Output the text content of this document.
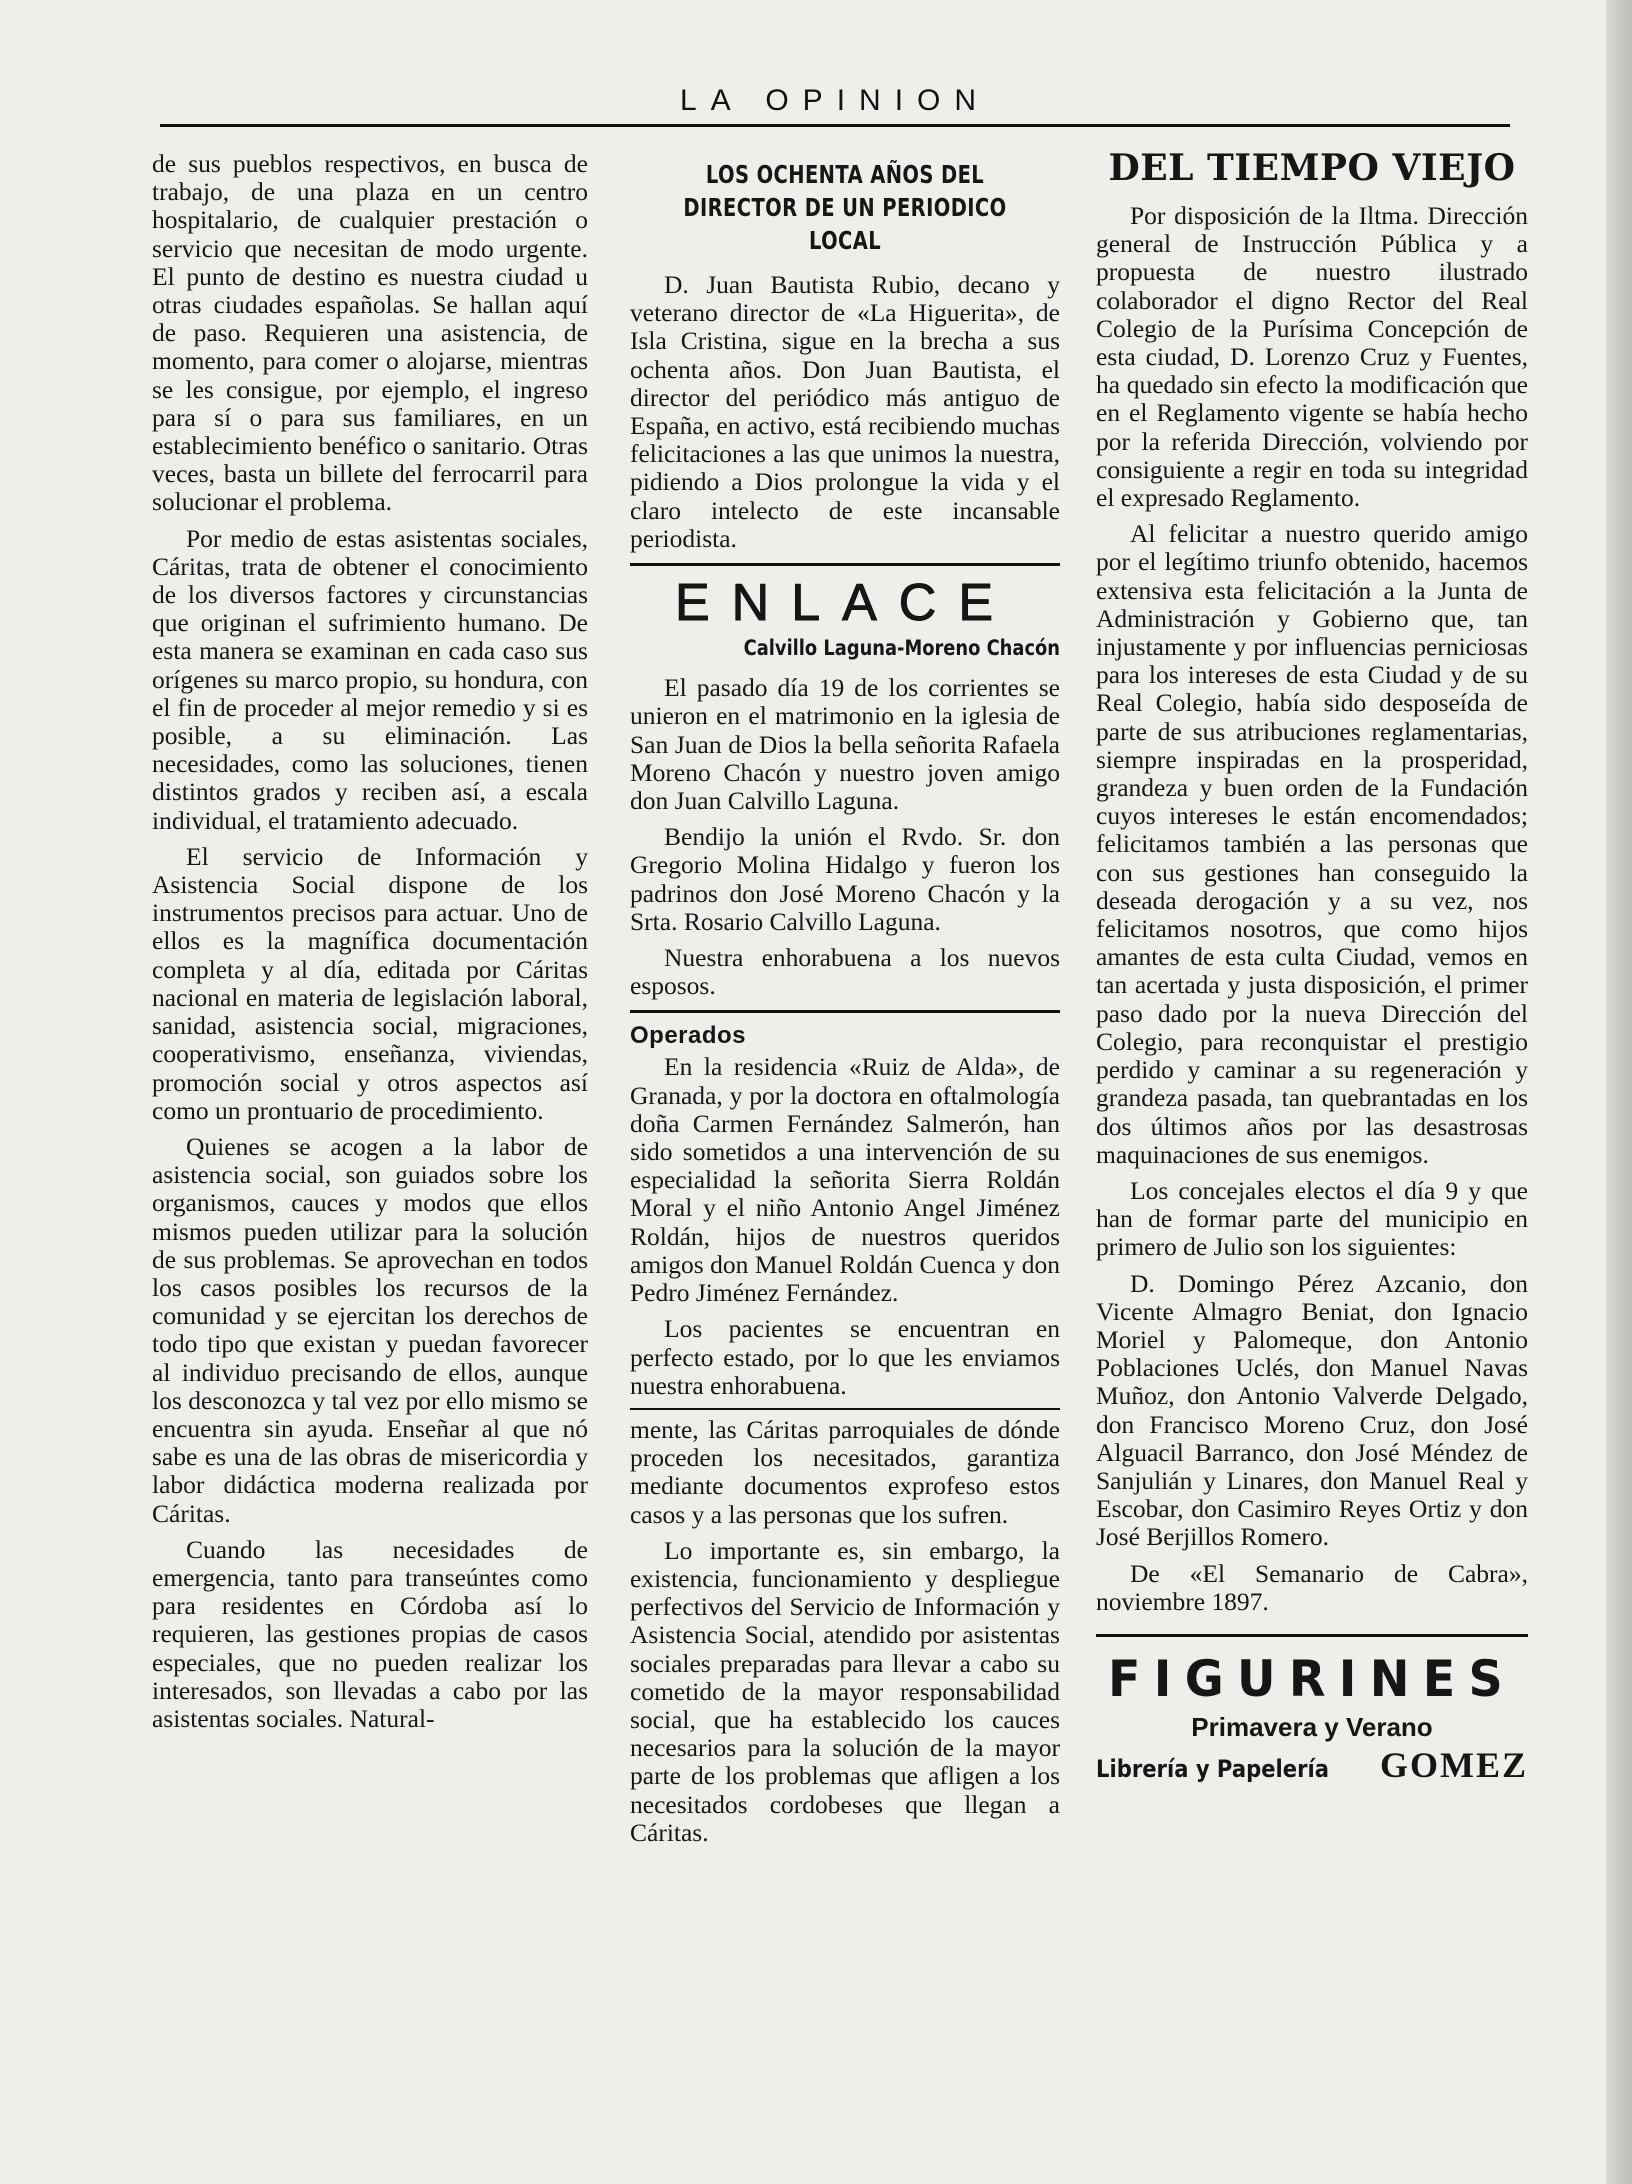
LA OPINION

de sus pueblos respectivos, en busca de trabajo, de una plaza en un centro hospitalario, de cualquier prestación o servicio que necesitan de modo urgente. El punto de destino es nuestra ciudad u otras ciudades españolas. Se hallan aquí de paso. Requieren una asistencia, de momento, para comer o alojarse, mientras se les consigue, por ejemplo, el ingreso para sí o para sus familiares, en un establecimiento benéfico o sanitario. Otras veces, basta un billete del ferrocarril para solucionar el problema.

Por medio de estas asistentas sociales, Cáritas, trata de obtener el conocimiento de los diversos factores y circunstancias que originan el sufrimiento humano. De esta manera se examinan en cada caso sus orígenes su marco propio, su hondura, con el fin de proceder al mejor remedio y si es posible, a su eliminación. Las necesidades, como las soluciones, tienen distintos grados y reciben así, a escala individual, el tratamiento adecuado.

El servicio de Información y Asistencia Social dispone de los instrumentos precisos para actuar. Uno de ellos es la magnífica documentación completa y al día, editada por Cáritas nacional en materia de legislación laboral, sanidad, asistencia social, migraciones, cooperativismo, enseñanza, viviendas, promoción social y otros aspectos así como un prontuario de procedimiento.

Quienes se acogen a la labor de asistencia social, son guiados sobre los organismos, cauces y modos que ellos mismos pueden utilizar para la solución de sus problemas. Se aprovechan en todos los casos posibles los recursos de la comunidad y se ejercitan los derechos de todo tipo que existan y puedan favorecer al individuo precisando de ellos, aunque los desconozca y tal vez por ello mismo se encuentra sin ayuda. Enseñar al que nó sabe es una de las obras de misericordia y labor didáctica moderna realizada por Cáritas.

Cuando las necesidades de emergencia, tanto para transeúntes como para residentes en Córdoba así lo requieren, las gestiones propias de casos especiales, que no pueden realizar los interesados, son llevadas a cabo por las asistentas sociales. Natural-

LOS OCHENTA AÑOS DEL DIRECTOR DE UN PERIODICO LOCAL

D. Juan Bautista Rubio, decano y veterano director de «La Higuerita», de Isla Cristina, sigue en la brecha a sus ochenta años. Don Juan Bautista, el director del periódico más antiguo de España, en activo, está recibiendo muchas felicitaciones a las que unimos la nuestra, pidiendo a Dios prolongue la vida y el claro intelecto de este incansable periodista.

ENLACE
Calvillo Laguna-Moreno Chacón

El pasado día 19 de los corrientes se unieron en el matrimonio en la iglesia de San Juan de Dios la bella señorita Rafaela Moreno Chacón y nuestro joven amigo don Juan Calvillo Laguna.

Bendijo la unión el Rvdo. Sr. don Gregorio Molina Hidalgo y fueron los padrinos don José Moreno Chacón y la Srta. Rosario Calvillo Laguna.

Nuestra enhorabuena a los nuevos esposos.

Operados

En la residencia «Ruiz de Alda», de Granada, y por la doctora en oftalmología doña Carmen Fernández Salmerón, han sido sometidos a una intervención de su especialidad la señorita Sierra Roldán Moral y el niño Antonio Angel Jiménez Roldán, hijos de nuestros queridos amigos don Manuel Roldán Cuenca y don Pedro Jiménez Fernández.

Los pacientes se encuentran en perfecto estado, por lo que les enviamos nuestra enhorabuena.

mente, las Cáritas parroquiales de dónde proceden los necesitados, garantiza mediante documentos exprofeso estos casos y a las personas que los sufren.

Lo importante es, sin embargo, la existencia, funcionamiento y despliegue perfectivos del Servicio de Información y Asistencia Social, atendido por asistentas sociales preparadas para llevar a cabo su cometido de la mayor responsabilidad social, que ha establecido los cauces necesarios para la solución de la mayor parte de los problemas que afligen a los necesitados cordobeses que llegan a Cáritas.

DEL TIEMPO VIEJO

Por disposición de la Iltma. Dirección general de Instrucción Pública y a propuesta de nuestro ilustrado colaborador el digno Rector del Real Colegio de la Purísima Concepción de esta ciudad, D. Lorenzo Cruz y Fuentes, ha quedado sin efecto la modificación que en el Reglamento vigente se había hecho por la referida Dirección, volviendo por consiguiente a regir en toda su integridad el expresado Reglamento.

Al felicitar a nuestro querido amigo por el legítimo triunfo obtenido, hacemos extensiva esta felicitación a la Junta de Administración y Gobierno que, tan injustamente y por influencias perniciosas para los intereses de esta Ciudad y de su Real Colegio, había sido desposeída de parte de sus atribuciones reglamentarias, siempre inspiradas en la prosperidad, grandeza y buen orden de la Fundación cuyos intereses le están encomendados; felicitamos también a las personas que con sus gestiones han conseguido la deseada derogación y a su vez, nos felicitamos nosotros, que como hijos amantes de esta culta Ciudad, vemos en tan acertada y justa disposición, el primer paso dado por la nueva Dirección del Colegio, para reconquistar el prestigio perdido y caminar a su regeneración y grandeza pasada, tan quebrantadas en los dos últimos años por las desastrosas maquinaciones de sus enemigos.

Los concejales electos el día 9 y que han de formar parte del municipio en primero de Julio son los siguientes:

D. Domingo Pérez Azcanio, don Vicente Almagro Beniat, don Ignacio Moriel y Palomeque, don Antonio Poblaciones Uclés, don Manuel Navas Muñoz, don Antonio Valverde Delgado, don Francisco Moreno Cruz, don José Alguacil Barranco, don José Méndez de Sanjulián y Linares, don Manuel Real y Escobar, don Casimiro Reyes Ortiz y don José Berjillos Romero.

De «El Semanario de Cabra», noviembre 1897.

FIGURINES
Primavera y Verano
Librería y Papelería GOMEZ
